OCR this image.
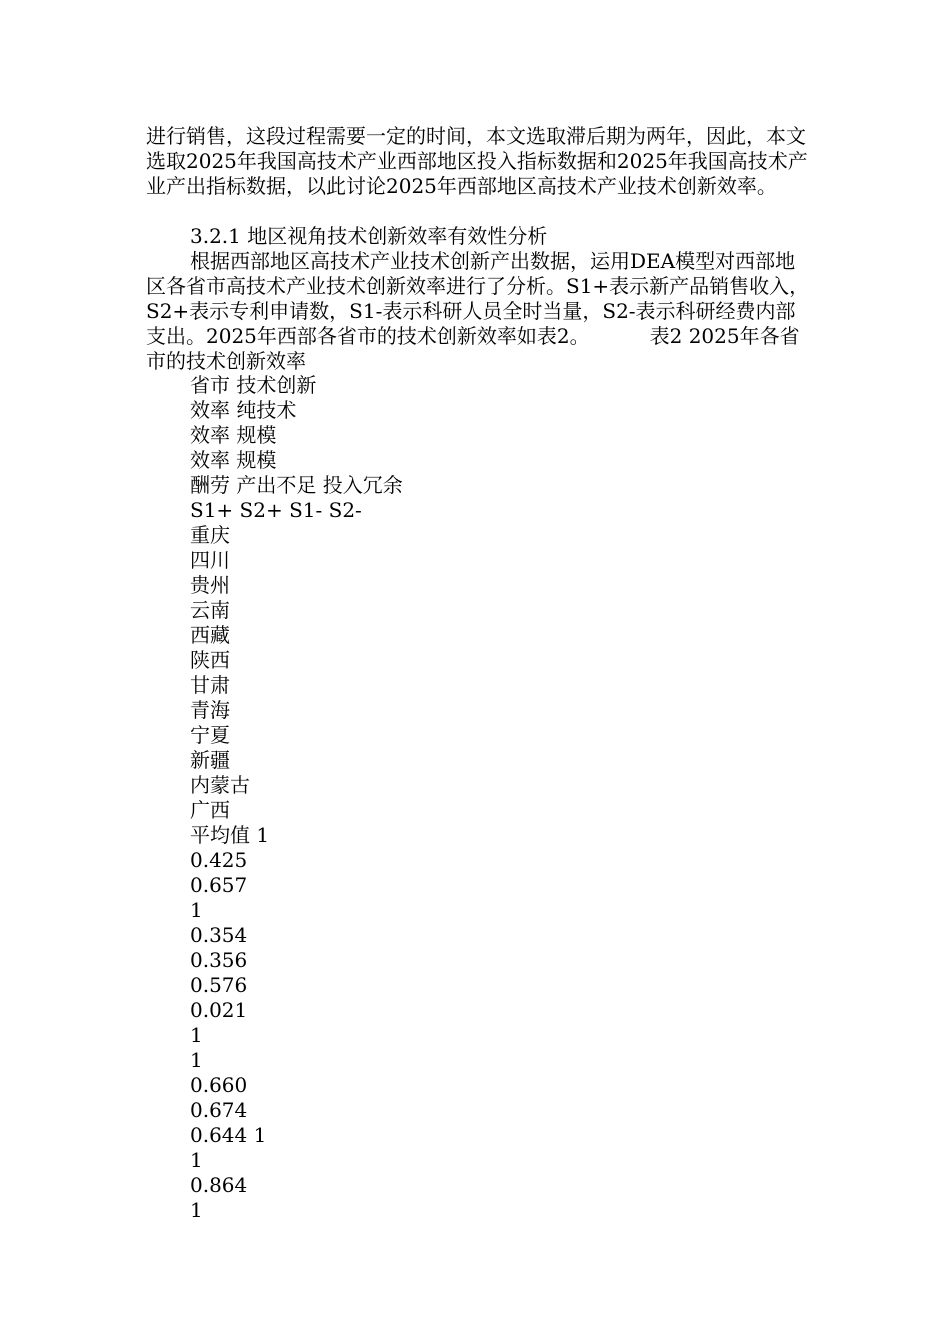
进行销售，这段过程需要一定的时间，本文选取滞后期为两年，因此，本文选取2025年我国高技术产业西部地区投入指标数据和2025年我国高技术产业产出指标数据，以此讨论2025年西部地区高技术产业技术创新效率。

3.2.1 地区视角技术创新效率有效性分析

根据西部地区高技术产业技术创新产出数据，运用DEA模型对西部地区各省市高技术产业技术创新效率进行了分析。S1+表示新产品销售收入，S2+表示专利申请数，S1-表示科研人员全时当量，S2-表示科研经费内部支出。2025年西部各省市的技术创新效率如表2。	表2 2025年各省市的技术创新效率

省市 技术创新
效率 纯技术
效率 规模
效率 规模
酬劳 产出不足 投入冗余
S1+ S2+ S1- S2-
重庆
四川
贵州
云南
西藏
陕西
甘肃
青海
宁夏
新疆
内蒙古
广西
平均值 1
0.425
0.657
1
0.354
0.356
0.576
0.021
1
1
0.660
0.674
0.644 1
1
0.864
1
